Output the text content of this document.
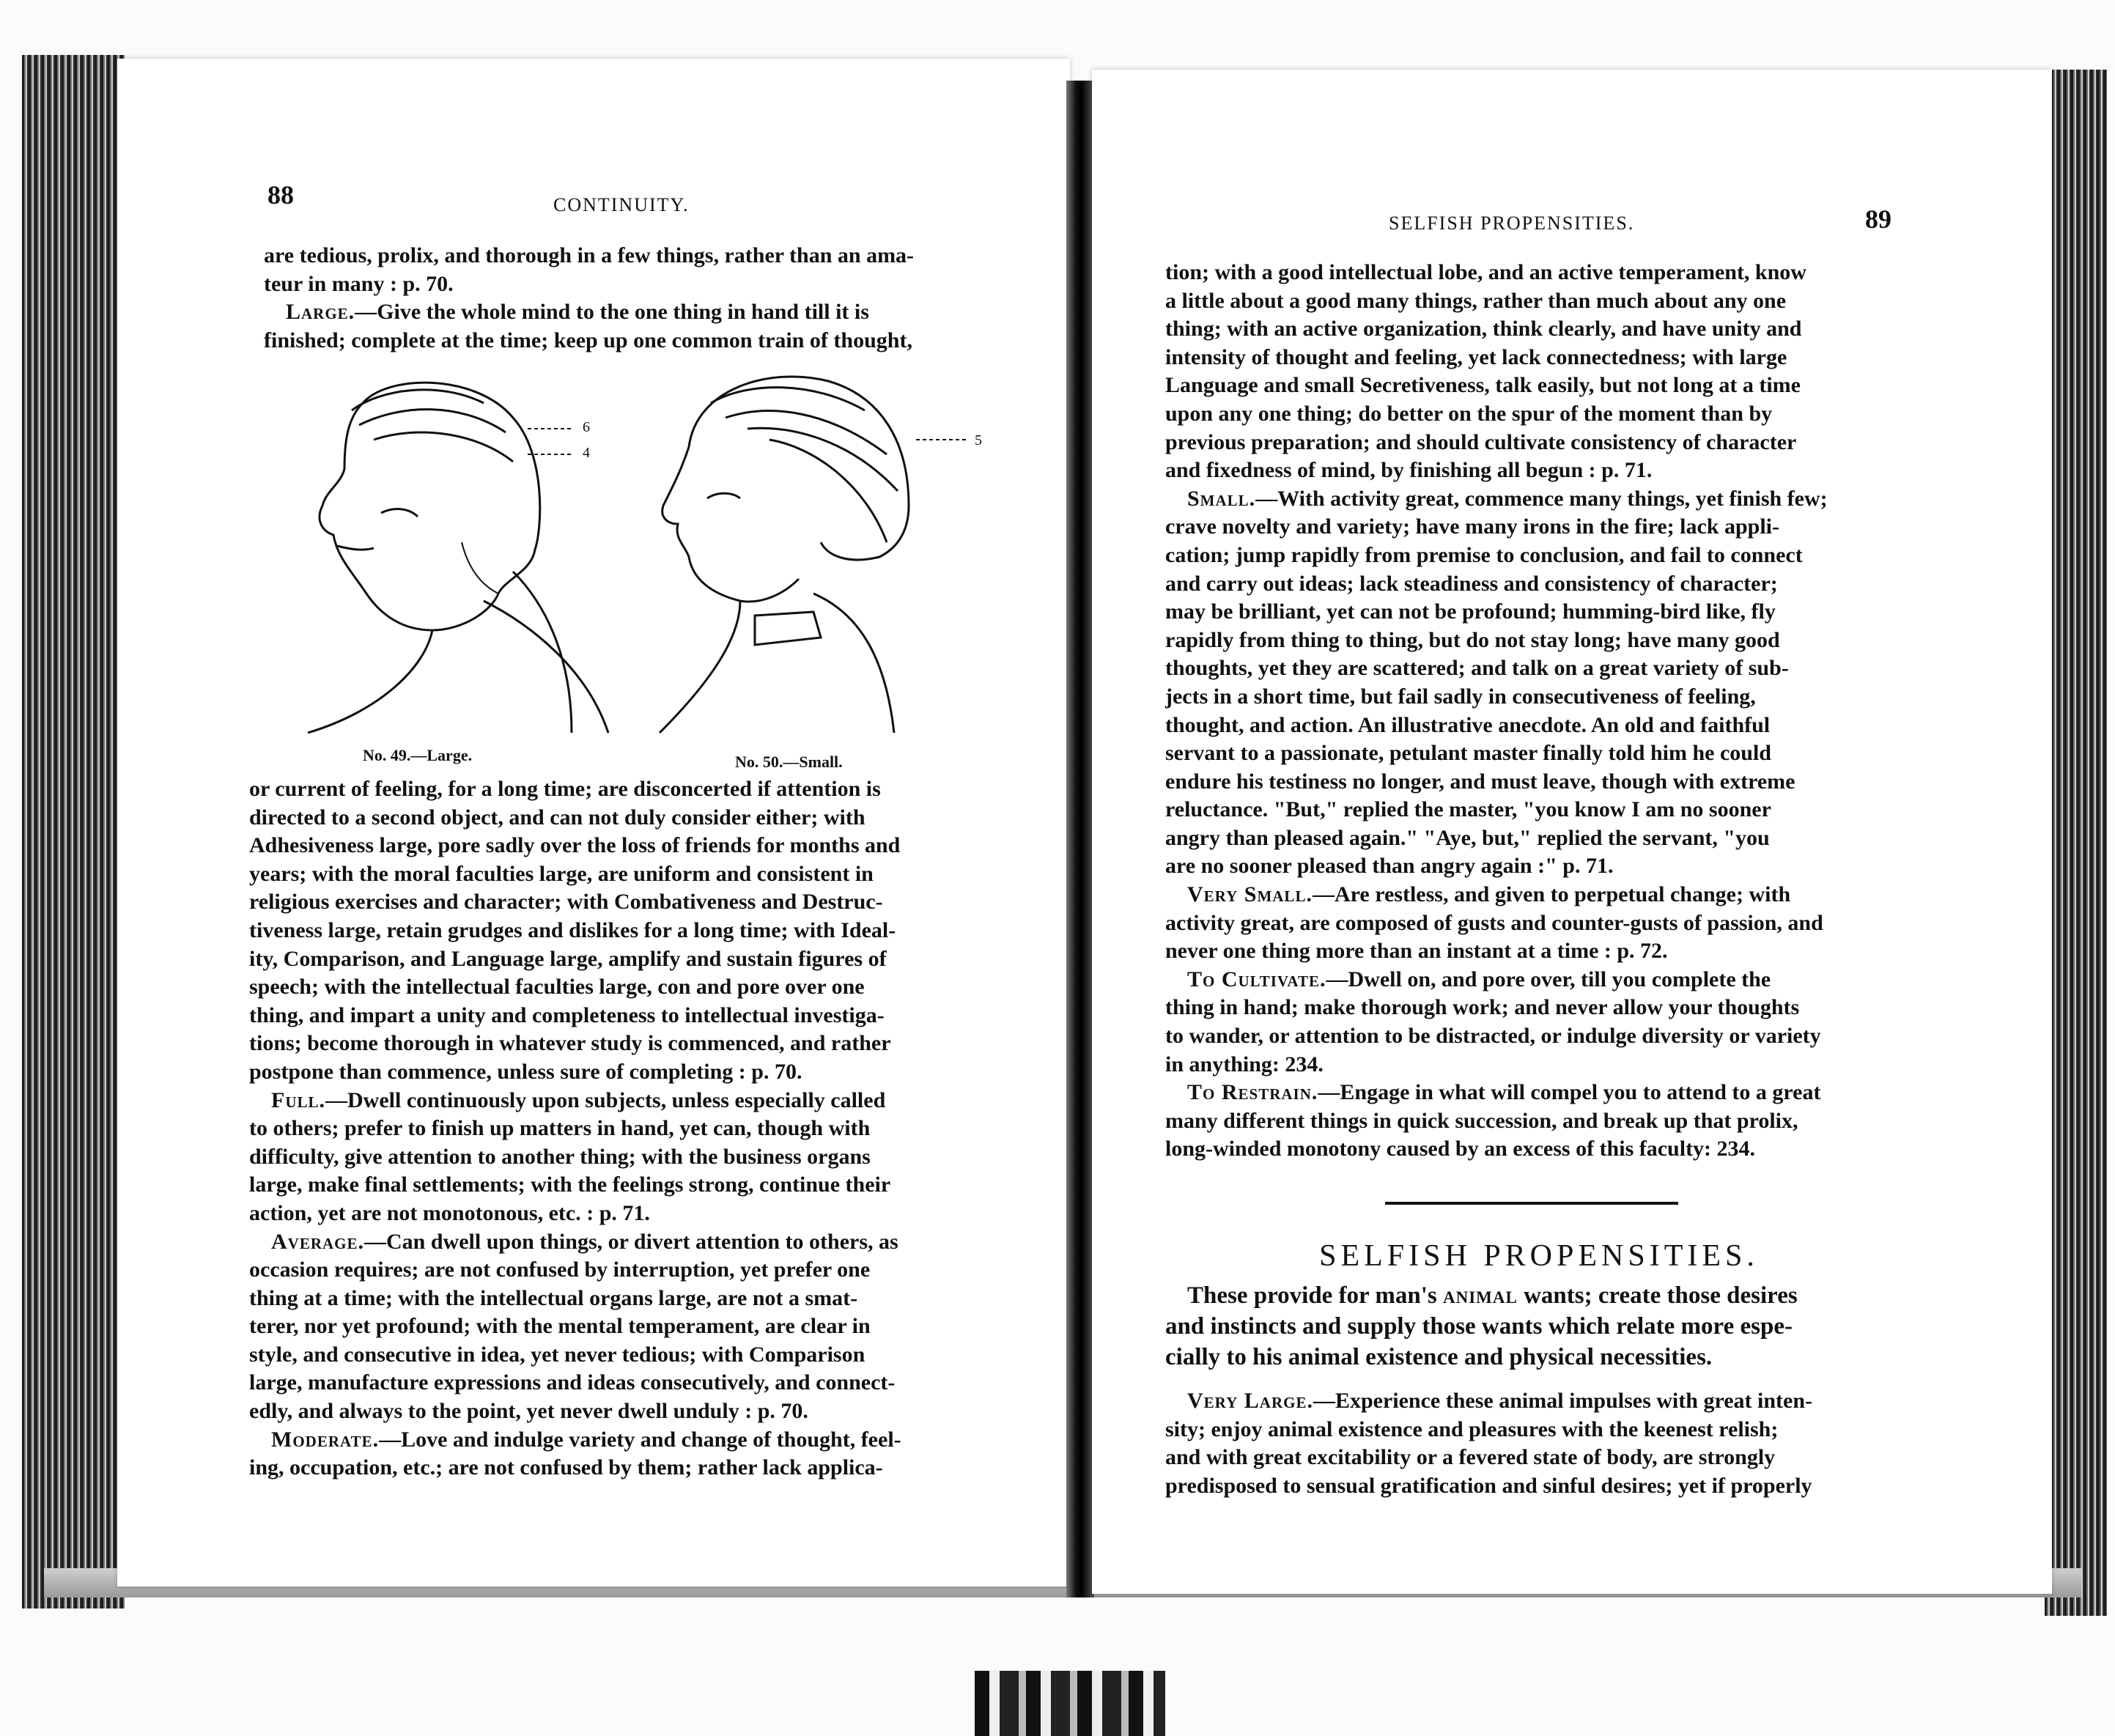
88	CONTINUITY.

are tedious, prolix, and thorough in a few things, rather than an ama-

teur in many : p. 70.

Large.—Give the whole mind to the one thing in hand till it is

finished; complete at the time; keep up one common train of thought,

6
4
5
No. 49.—Large.	No. 50.—Small.

or current of feeling, for a long time; are disconcerted if attention is

directed to a second object, and can not duly consider either; with

Adhesiveness large, pore sadly over the loss of friends for months and

years; with the moral faculties large, are uniform and consistent in

religious exercises and character; with Combativeness and Destruc-

tiveness large, retain grudges and dislikes for a long time; with Ideal-

ity, Comparison, and Language large, amplify and sustain figures of

speech; with the intellectual faculties large, con and pore over one

thing, and impart a unity and completeness to intellectual investiga-

tions; become thorough in whatever study is commenced, and rather

postpone than commence, unless sure of completing : p. 70.

Full.—Dwell continuously upon subjects, unless especially called

to others; prefer to finish up matters in hand, yet can, though with

difficulty, give attention to another thing; with the business organs

large, make final settlements; with the feelings strong, continue their

action, yet are not monotonous, etc. : p. 71.

Average.—Can dwell upon things, or divert attention to others, as

occasion requires; are not confused by interruption, yet prefer one

thing at a time; with the intellectual organs large, are not a smat-

terer, nor yet profound; with the mental temperament, are clear in

style, and consecutive in idea, yet never tedious; with Comparison

large, manufacture expressions and ideas consecutively, and connect-

edly, and always to the point, yet never dwell unduly : p. 70.

Moderate.—Love and indulge variety and change of thought, feel-

ing, occupation, etc.; are not confused by them; rather lack applica-

SELFISH PROPENSITIES.	89

tion; with a good intellectual lobe, and an active temperament, know

a little about a good many things, rather than much about any one

thing; with an active organization, think clearly, and have unity and

intensity of thought and feeling, yet lack connectedness; with large

Language and small Secretiveness, talk easily, but not long at a time

upon any one thing; do better on the spur of the moment than by

previous preparation; and should cultivate consistency of character

and fixedness of mind, by finishing all begun : p. 71.

Small.—With activity great, commence many things, yet finish few;

crave novelty and variety; have many irons in the fire; lack appli-

cation; jump rapidly from premise to conclusion, and fail to connect

and carry out ideas; lack steadiness and consistency of character;

may be brilliant, yet can not be profound; humming-bird like, fly

rapidly from thing to thing, but do not stay long; have many good

thoughts, yet they are scattered; and talk on a great variety of sub-

jects in a short time, but fail sadly in consecutiveness of feeling,

thought, and action. An illustrative anecdote. An old and faithful

servant to a passionate, petulant master finally told him he could

endure his testiness no longer, and must leave, though with extreme

reluctance. "But," replied the master, "you know I am no sooner

angry than pleased again." "Aye, but," replied the servant, "you

are no sooner pleased than angry again :" p. 71.

Very Small.—Are restless, and given to perpetual change; with

activity great, are composed of gusts and counter-gusts of passion, and

never one thing more than an instant at a time : p. 72.

To Cultivate.—Dwell on, and pore over, till you complete the

thing in hand; make thorough work; and never allow your thoughts

to wander, or attention to be distracted, or indulge diversity or variety

in anything: 234.

To Restrain.—Engage in what will compel you to attend to a great

many different things in quick succession, and break up that prolix,

long-winded monotony caused by an excess of this faculty: 234.

SELFISH PROPENSITIES.
These provide for man's animal wants; create those desires
and instincts and supply those wants which relate more espe-
cially to his animal existence and physical necessities.

Very Large.—Experience these animal impulses with great inten-

sity; enjoy animal existence and pleasures with the keenest relish;

and with great excitability or a fevered state of body, are strongly

predisposed to sensual gratification and sinful desires; yet if properly
